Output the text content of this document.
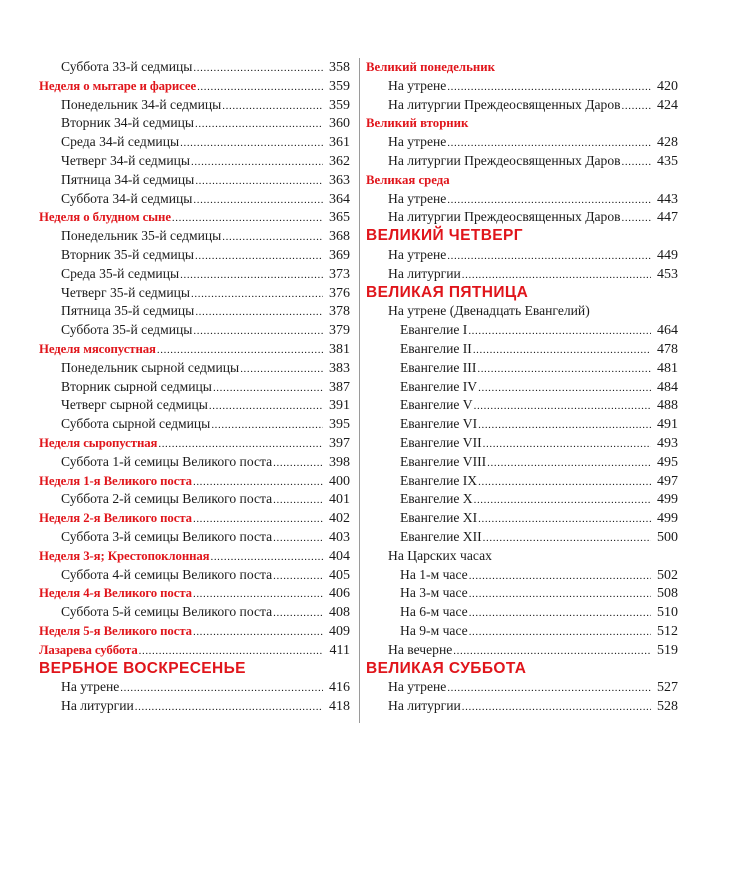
Суббота 33-й седмицы .....	358
Неделя о мытаре и фарисее .....	359
Понедельник 34-й седмицы .....	359
Вторник 34-й седмицы .....	360
Среда 34-й седмицы .....	361
Четверг 34-й седмицы .....	362
Пятница 34-й седмицы .....	363
Суббота 34-й седмицы .....	364
Неделя о блудном сыне .....	365
Понедельник 35-й седмицы .....	368
Вторник 35-й седмицы .....	369
Среда 35-й седмицы .....	373
Четверг 35-й седмицы .....	376
Пятница 35-й седмицы .....	378
Суббота 35-й седмицы .....	379
Неделя мясопустная .....	381
Понедельник сырной седмицы .....	383
Вторник сырной седмицы .....	387
Четверг сырной седмицы .....	391
Суббота сырной седмицы .....	395
Неделя сыропустная .....	397
Суббота 1-й семицы Великого поста .....	398
Неделя 1-я Великого поста .....	400
Суббота 2-й семицы Великого поста .....	401
Неделя 2-я Великого поста .....	402
Суббота 3-й семицы Великого поста .....	403
Неделя 3-я; Крестопоклонная .....	404
Суббота 4-й семицы Великого поста .....	405
Неделя 4-я Великого поста .....	406
Суббота 5-й семицы Великого поста .....	408
Неделя 5-я Великого поста .....	409
Лазарева суббота .....	411
ВЕРБНОЕ ВОСКРЕСЕНЬЕ
На утрене .....	416
На литургии .....	418
Великий понедельник
На утрене .....	420
На литургии Преждеосвященных Даров .....	424
Великий вторник
На утрене .....	428
На литургии Преждеосвященных Даров .....	435
Великая среда
На утрене .....	443
На литургии Преждеосвященных Даров .....	447
ВЕЛИКИЙ ЧЕТВЕРГ
На утрене .....	449
На литургии .....	453
ВЕЛИКАЯ ПЯТНИЦА
На утрене (Двенадцать Евангелий)
Евангелие I .....	464
Евангелие II .....	478
Евангелие III .....	481
Евангелие IV .....	484
Евангелие V .....	488
Евангелие VI .....	491
Евангелие VII .....	493
Евангелие VIII .....	495
Евангелие IX .....	497
Евангелие X .....	499
Евангелие XI .....	499
Евангелие XII .....	500
На Царских часах
На 1-м часе .....	502
На 3-м часе .....	508
На 6-м часе .....	510
На 9-м часе .....	512
На вечерне .....	519
ВЕЛИКАЯ СУББОТА
На утрене .....	527
На литургии .....	528
